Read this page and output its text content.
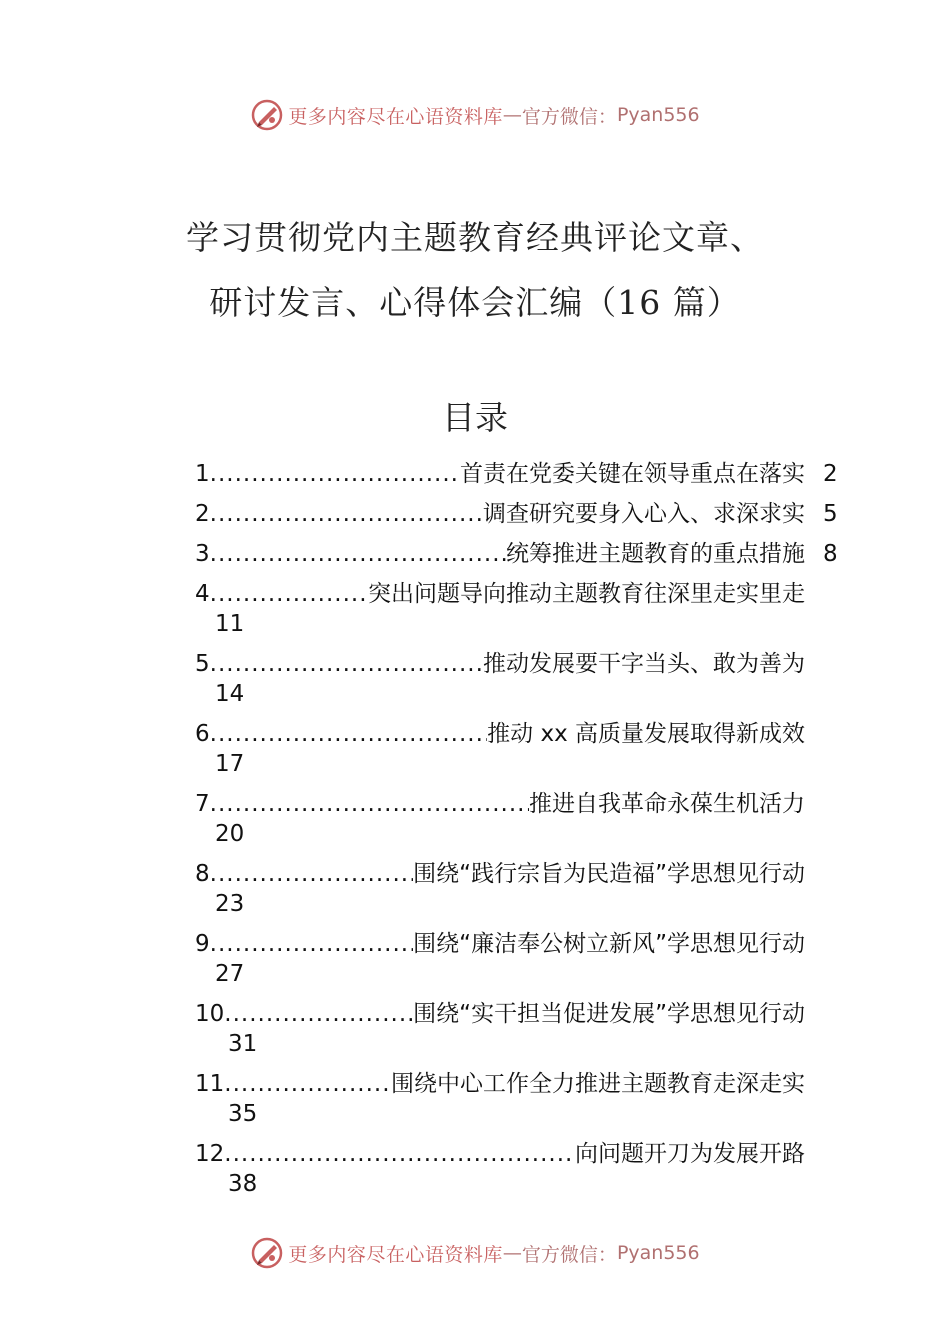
更多内容尽在心语资料库 — 官方微信： Pyan556
学习贯彻党内主题教育经典评论文章、
研讨发言、心得体会汇编（16 篇）
目录
1 .....	首责在党委关键在领导重点在落实 2
2 .....	调查研究要身入心入、求深求实 5
3 .....	统筹推进主题教育的重点措施 8
4 .....	突出问题导向推动主题教育往深里走实里走
11
5 .....	推动发展要干字当头、敢为善为
14
6 .....	推动 xx 高质量发展取得新成效
17
7 .....	推进自我革命永葆生机活力
20
8 .....	围绕“践行宗旨为民造福”学思想见行动
23
9 .....	围绕“廉洁奉公树立新风”学思想见行动
27
10 .....	围绕“实干担当促进发展”学思想见行动
31
11 .....	围绕中心工作全力推进主题教育走深走实
35
12 .....	向问题开刀为发展开路
38
更多内容尽在心语资料库 — 官方微信： Pyan556
